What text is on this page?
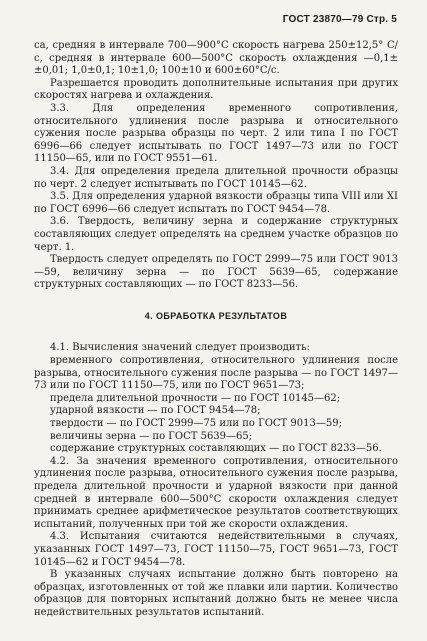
ГОСТ 23870—79 Стр. 5

са, средняя в интервале 700—900°С скорость нагрева 250±12,5° С/с, средняя в интервале 600—500°С скорость охлаждения —0,1±±0,01; 1,0±0,1; 10±1,0; 100±10 и 600±60°С/с.

Разрешается проводить дополнительные испытания при других скоростях нагрева и охлаждения.

3.3. Для определения временного сопротивления, относительного удлинения после разрыва и относительного сужения после разрыва образцы по черт. 2 или типа I по ГОСТ 6996—66 следует испытывать по ГОСТ 1497—73 или по ГОСТ 11150—65, или по ГОСТ 9551—61.

3.4. Для определения предела длительной прочности образцы по черт. 2 следует испытывать по ГОСТ 10145—62.

3.5. Для определения ударной вязкости образцы типа VIII или XI по ГОСТ 6996—66 следует испытать по ГОСТ 9454—78.

3.6. Твердость, величину зерна и содержание структурных составляющих следует определять на среднем участке образцов по черт. 1.

Твердость следует определять по ГОСТ 2999—75 или ГОСТ 9013—59, величину зерна — по ГОСТ 5639—65, содержание структурных составляющих — по ГОСТ 8233—56.

4. ОБРАБОТКА РЕЗУЛЬТАТОВ

4.1. Вычисления значений следует производить:

временного сопротивления, относительного удлинения после разрыва, относительного сужения после разрыва — по ГОСТ 1497—73 или по ГОСТ 11150—75, или по ГОСТ 9651—73;

предела длительной прочности — по ГОСТ 10145—62;

ударной вязкости — по ГОСТ 9454—78;

твердости — по ГОСТ 2999—75 или по ГОСТ 9013—59;

величины зерна — по ГОСТ 5639—65;

содержание структурных составляющих — по ГОСТ 8233—56.

4.2. За значения временного сопротивления, относительного удлинения после разрыва, относительного сужения после разрыва, предела длительной прочности и ударной вязкости при данной средней в интервале 600—500°С скорости охлаждения следует принимать среднее арифметическое результатов соответствующих испытаний, полученных при той же скорости охлаждения.

4.3. Испытания считаются недействительными в случаях, указанных ГОСТ 1497—73, ГОСТ 11150—75, ГОСТ 9651—73, ГОСТ 10145—62 и ГОСТ 9454—78.

В указанных случаях испытание должно быть повторено на образцах, изготовленных от той же плавки или партии. Количество образцов для повторных испытаний должно быть не менее числа недействительных результатов испытаний.
